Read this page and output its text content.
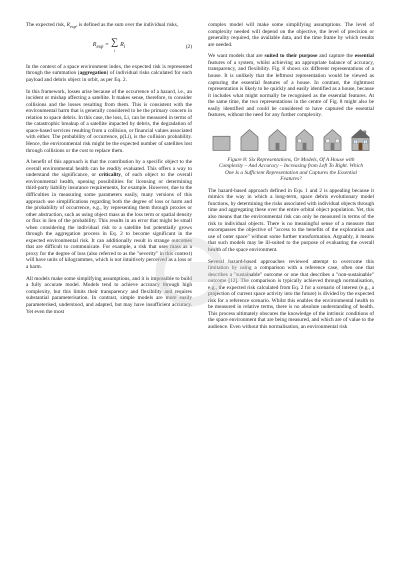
The expected risk, $R_{exp}$, is defined as the sum over the individual risks,

$R_{exp}$ = ∑
i
$R_i$	(2)

In the context of a space environment index, the expected risk is represented through the summation (aggregation) of individual risks calculated for each payload and debris object in orbit, as per Eq. 2.

In this framework, losses arise because of the occurrence of a hazard, i.e., an incident or mishap affecting a satellite. It makes sense, therefore, to consider collisions and the losses resulting from them. This is consistent with the environmental harm that is generally considered to be the primary concern in relation to space debris. In this case, the loss, Li, can be measured in terms of the catastrophic breakup of a satellite impacted by debris, the degradation of space-based services resulting from a collision, or financial values associated with either. The probability of occurrence, p(Li), is the collision probability. Hence, the environmental risk might be the expected number of satellites lost through collisions or the cost to replace them.

A benefit of this approach is that the contribution by a specific object to the overall environmental health can be readily evaluated. This offers a way to understand the significance, or criticality, of each object to the overall environmental health, opening possibilities for licensing or determining third-party liability insurance requirements, for example. However, due to the difficulties in measuring some parameters easily, many versions of this approach use simplifications regarding both the degree of loss or harm and the probability of occurrence, e.g., by representing them through proxies or other abstraction, such as using object mass as the loss term or spatial density or flux in lieu of the probability. This results in an error that might be small when considering the individual risk to a satellite but potentially grows through the aggregation process in Eq. 2 to become significant in the expected environmental risk. It can additionally result in strange outcomes that are difficult to communicate. For example, a risk that uses mass as a proxy for the degree of loss (also referred to as the "severity" in this context) will have units of kilogrammes, which is not intuitively perceived as a loss or a harm.

All models make some simplifying assumptions, and it is impossible to build a fully accurate model. Models tend to achieve accuracy through high complexity, but this limits their transparency and flexibility and requires substantial parameterisation. In contrast, simple models are more easily parameterised, understood, and adapted, but may have insufficient accuracy. Yet even the most

complex model will make some simplifying assumptions. The level of complexity needed will depend on the objective, the level of precision or generality required, the available data, and the time frame by which results are needed.

We want models that are suited to their purpose and capture the essential features of a system, whilst achieving an appropriate balance of accuracy, transparency, and flexibility. Fig. 8 shows six different representations of a house. It is unlikely that the leftmost representation would be viewed as capturing the essential features of a house. In contrast, the rightmost representation is likely to be quickly and easily identified as a house, because it includes what might normally be recognised as the essential features. At the same time, the two representations in the centre of Fig. 8 might also be easily identified and could be considered to have captured the essential features, without the need for any further complexity.

Figure 8: Six Representations, Or Models, Of A House with Complexity – And Accuracy – Increasing from Left To Right. Which One Is a Sufficient Representation and Captures the Essential Features?

The hazard-based approach defined in Eqs. 1 and 2 is appealing because it mimics the way in which a long-term, space debris evolutionary model functions, by determining the risks associated with individual objects through time and aggregating these over the entire orbital object population. Yet, this also means that the environmental risk can only be measured in terms of the risk to individual objects. There is no meaningful sense of a measure that encompasses the objective of "access to the benefits of the exploration and use of outer space" without some further transformation. Arguably, it means that such models may be ill-suited to the purpose of evaluating the overall health of the space environment.

Several hazard-based approaches reviewed attempt to overcome this limitation by using a comparison with a reference case, often one that describes a "sustainable" outcome or one that describes a "non-sustainable" outcome [12]. The comparison is typically achieved through normalisation, e.g., the expected risk calculated from Eq. 2 for a scenario of interest (e.g., a projection of current space activity into the future) is divided by the expected risk for a reference scenario. Whilst this enables the environmental health to be measured in relative terms, there is no absolute understanding of health. This process ultimately obscures the knowledge of the intrinsic conditions of the space environment that are being measured, and which are of value to the audience. Even without this normalisation, an environmental risk
